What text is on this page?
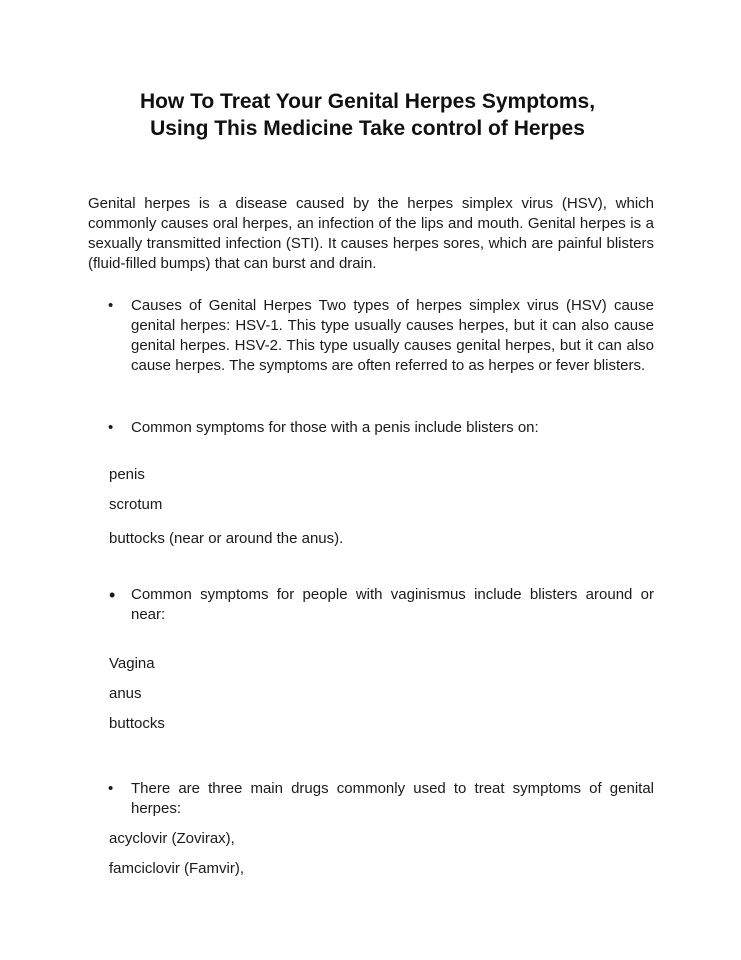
How To Treat Your Genital Herpes Symptoms,
Using This Medicine Take control of Herpes

Genital herpes is a disease caused by the herpes simplex virus (HSV), which commonly causes oral herpes, an infection of the lips and mouth. Genital herpes is a sexually transmitted infection (STI). It causes herpes sores, which are painful blisters (fluid-filled bumps) that can burst and drain.

• Causes of Genital Herpes Two types of herpes simplex virus (HSV) cause genital herpes: HSV-1. This type usually causes herpes, but it can also cause genital herpes. HSV-2. This type usually causes genital herpes, but it can also cause herpes. The symptoms are often referred to as herpes or fever blisters.
• Common symptoms for those with a penis include blisters on:

penis

scrotum

buttocks (near or around the anus).

• Common symptoms for people with vaginismus include blisters around or near:

Vagina

anus

buttocks

• There are three main drugs commonly used to treat symptoms of genital herpes:

acyclovir (Zovirax),

famciclovir (Famvir),
